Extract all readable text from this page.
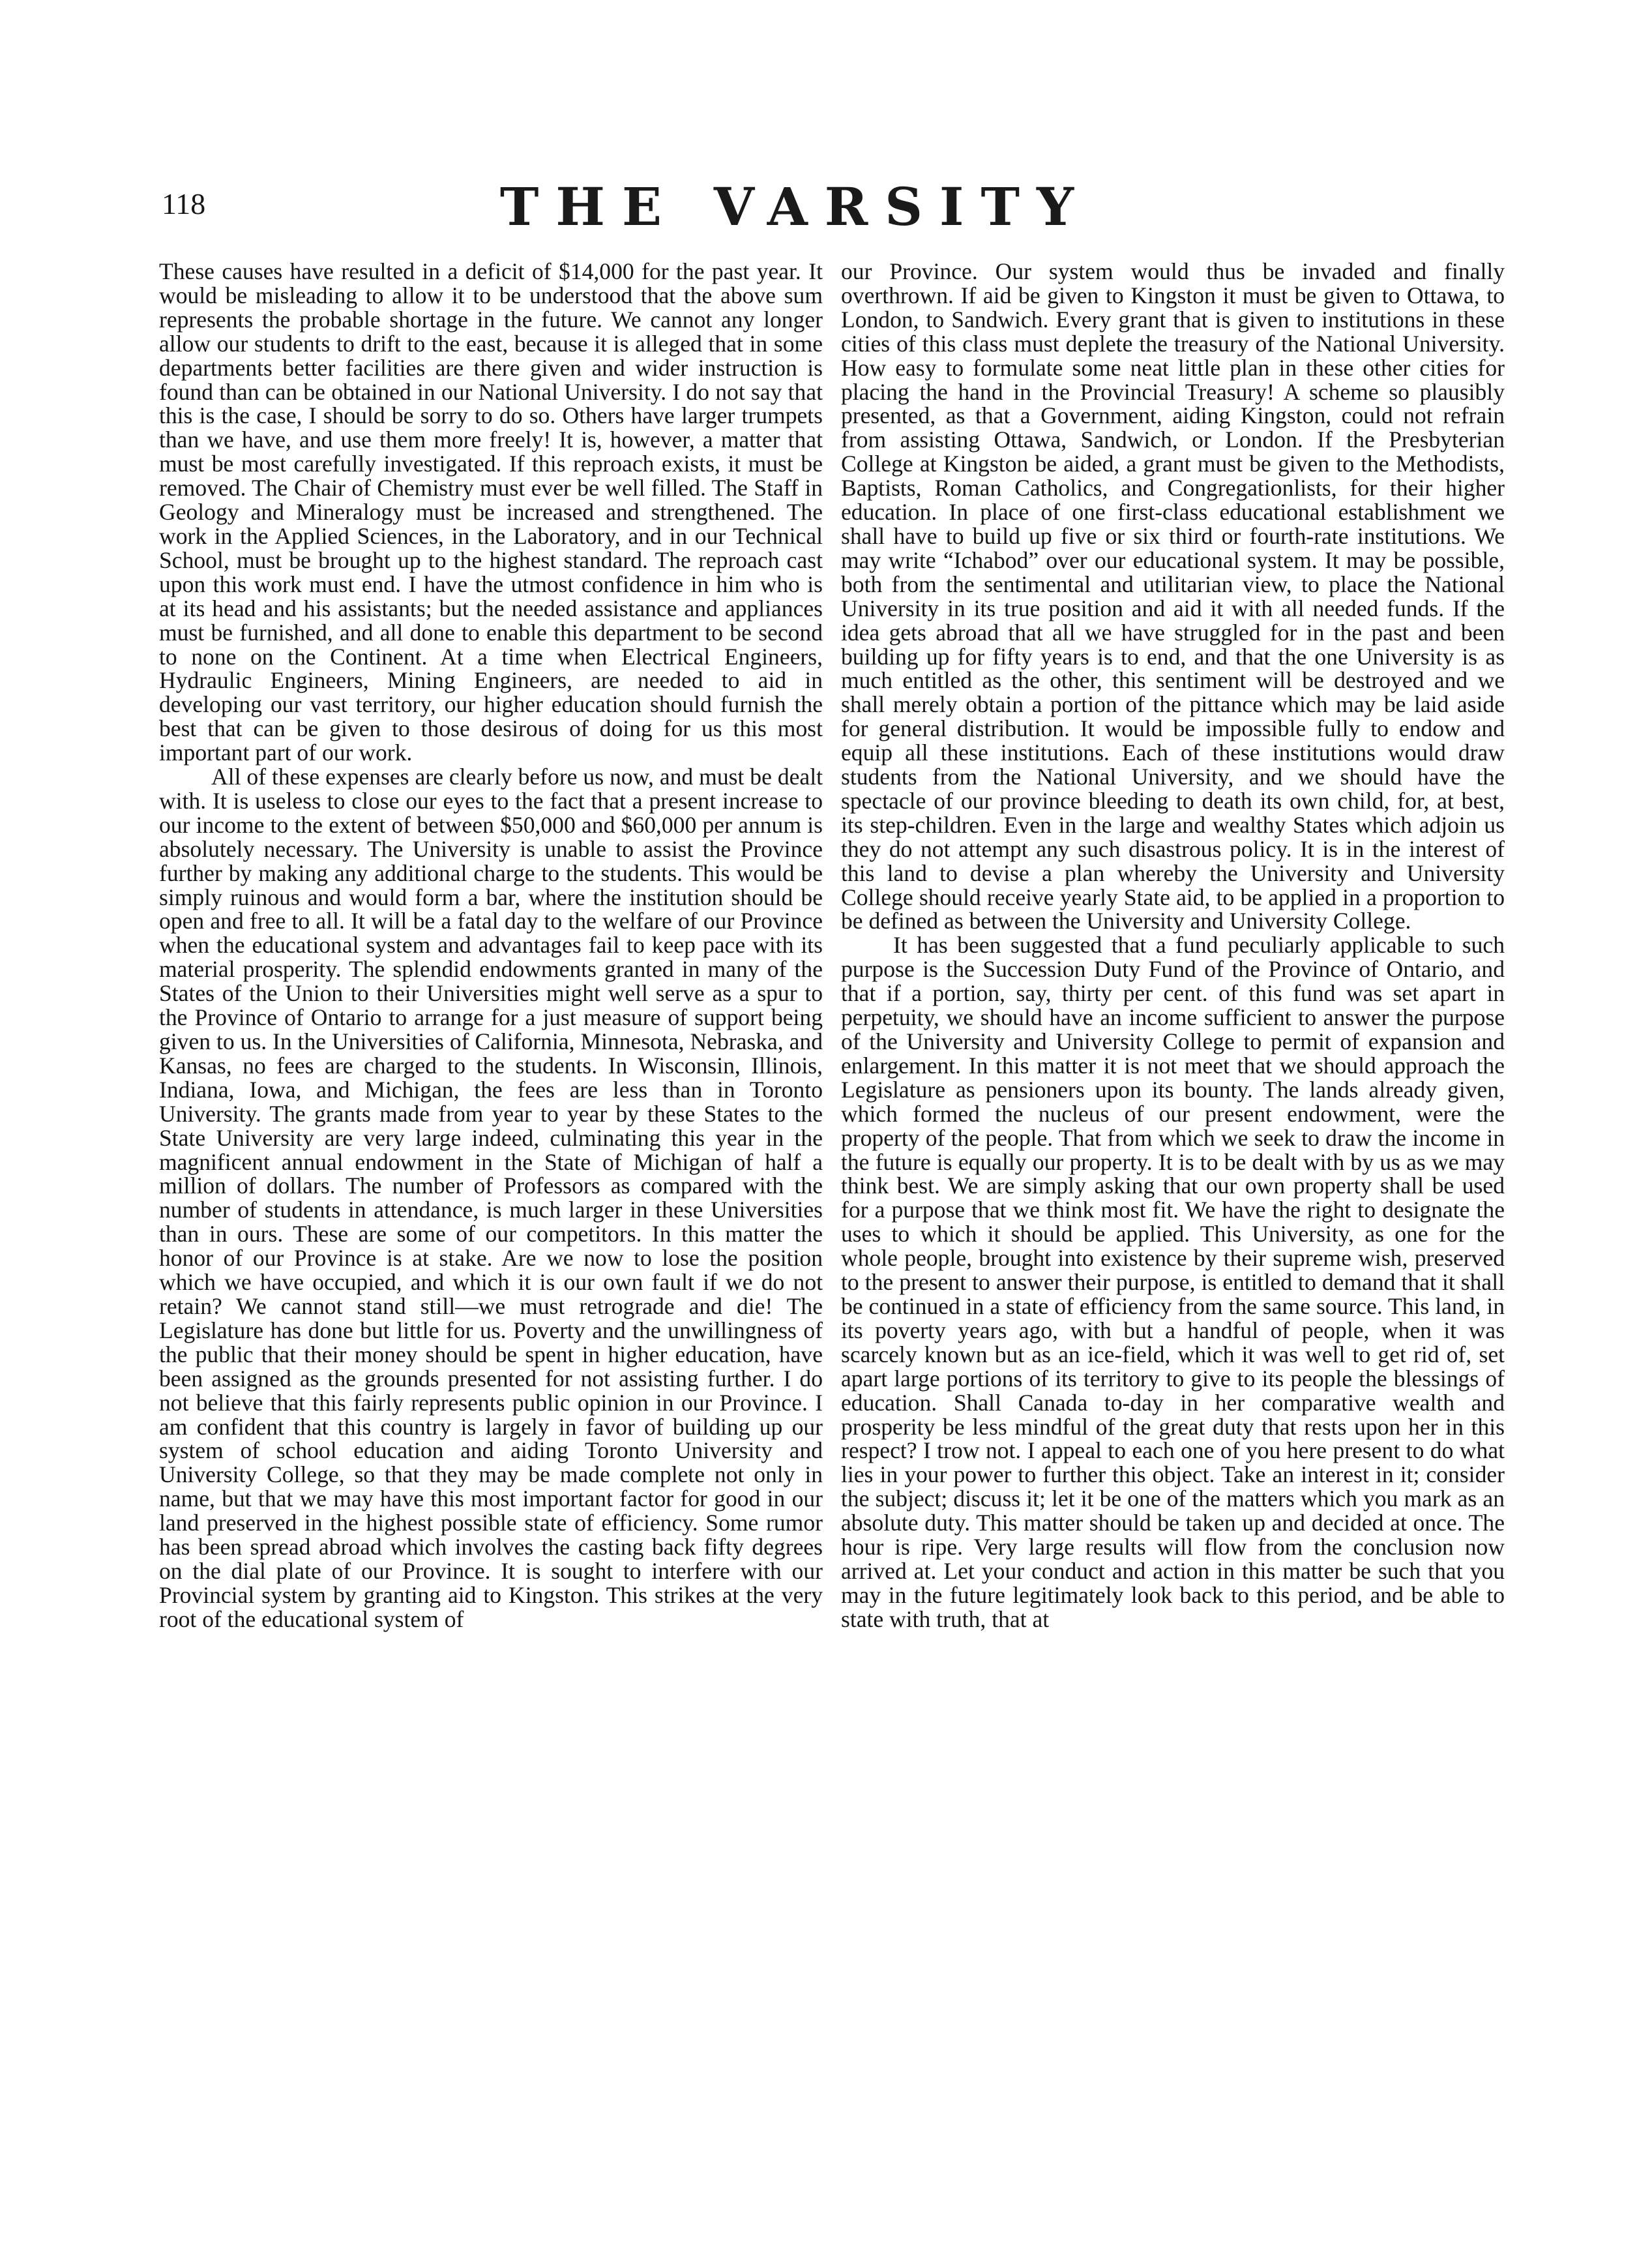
118	THE VARSITY

These causes have resulted in a deficit of $14,000 for the past year. It would be misleading to allow it to be understood that the above sum represents the probable shortage in the future. We cannot any longer allow our students to drift to the east, because it is alleged that in some departments better facilities are there given and wider instruction is found than can be obtained in our National University. I do not say that this is the case, I should be sorry to do so. Others have larger trumpets than we have, and use them more freely! It is, however, a matter that must be most carefully investigated. If this reproach exists, it must be removed. The Chair of Chemistry must ever be well filled. The Staff in Geology and Mineralogy must be increased and strengthened. The work in the Applied Sciences, in the Laboratory, and in our Technical School, must be brought up to the highest standard. The reproach cast upon this work must end. I have the utmost confidence in him who is at its head and his assistants; but the needed assistance and appliances must be furnished, and all done to enable this department to be second to none on the Continent. At a time when Electrical Engineers, Hydraulic Engineers, Mining Engineers, are needed to aid in developing our vast territory, our higher education should furnish the best that can be given to those desirous of doing for us this most important part of our work.

All of these expenses are clearly before us now, and must be dealt with. It is useless to close our eyes to the fact that a present increase to our income to the extent of between $50,000 and $60,000 per annum is absolutely necessary. The University is unable to assist the Province further by making any additional charge to the students. This would be simply ruinous and would form a bar, where the institution should be open and free to all. It will be a fatal day to the welfare of our Province when the educational system and advantages fail to keep pace with its material prosperity. The splendid endowments granted in many of the States of the Union to their Universities might well serve as a spur to the Province of Ontario to arrange for a just measure of support being given to us. In the Universities of California, Minnesota, Nebraska, and Kansas, no fees are charged to the students. In Wisconsin, Illinois, Indiana, Iowa, and Michigan, the fees are less than in Toronto University. The grants made from year to year by these States to the State University are very large indeed, culminating this year in the magnificent annual endowment in the State of Michigan of half a million of dollars. The number of Professors as compared with the number of students in attendance, is much larger in these Universities than in ours. These are some of our competitors. In this matter the honor of our Province is at stake. Are we now to lose the position which we have occupied, and which it is our own fault if we do not retain? We cannot stand still—we must retrograde and die! The Legislature has done but little for us. Poverty and the unwillingness of the public that their money should be spent in higher education, have been assigned as the grounds presented for not assisting further. I do not believe that this fairly represents public opinion in our Province. I am confident that this country is largely in favor of building up our system of school education and aiding Toronto University and University College, so that they may be made complete not only in name, but that we may have this most important factor for good in our land preserved in the highest possible state of efficiency. Some rumor has been spread abroad which involves the casting back fifty degrees on the dial plate of our Province. It is sought to interfere with our Provincial system by granting aid to Kingston. This strikes at the very root of the educational system of

our Province. Our system would thus be invaded and finally overthrown. If aid be given to Kingston it must be given to Ottawa, to London, to Sandwich. Every grant that is given to institutions in these cities of this class must deplete the treasury of the National University. How easy to formulate some neat little plan in these other cities for placing the hand in the Provincial Treasury! A scheme so plausibly presented, as that a Government, aiding Kingston, could not refrain from assisting Ottawa, Sandwich, or London. If the Presbyterian College at Kingston be aided, a grant must be given to the Methodists, Baptists, Roman Catholics, and Congregationlists, for their higher education. In place of one first-class educational establishment we shall have to build up five or six third or fourth-rate institutions. We may write “Ichabod” over our educational system. It may be possible, both from the sentimental and utilitarian view, to place the National University in its true position and aid it with all needed funds. If the idea gets abroad that all we have struggled for in the past and been building up for fifty years is to end, and that the one University is as much entitled as the other, this sentiment will be destroyed and we shall merely obtain a portion of the pittance which may be laid aside for general distribution. It would be impossible fully to endow and equip all these institutions. Each of these institutions would draw students from the National University, and we should have the spectacle of our province bleeding to death its own child, for, at best, its step-children. Even in the large and wealthy States which adjoin us they do not attempt any such disastrous policy. It is in the interest of this land to devise a plan whereby the University and University College should receive yearly State aid, to be applied in a proportion to be defined as between the University and University College.

It has been suggested that a fund peculiarly applicable to such purpose is the Succession Duty Fund of the Province of Ontario, and that if a portion, say, thirty per cent. of this fund was set apart in perpetuity, we should have an income sufficient to answer the purpose of the University and University College to permit of expansion and enlargement. In this matter it is not meet that we should approach the Legislature as pensioners upon its bounty. The lands already given, which formed the nucleus of our present endowment, were the property of the people. That from which we seek to draw the income in the future is equally our property. It is to be dealt with by us as we may think best. We are simply asking that our own property shall be used for a purpose that we think most fit. We have the right to designate the uses to which it should be applied. This University, as one for the whole people, brought into existence by their supreme wish, preserved to the present to answer their purpose, is entitled to demand that it shall be continued in a state of efficiency from the same source. This land, in its poverty years ago, with but a handful of people, when it was scarcely known but as an ice-field, which it was well to get rid of, set apart large portions of its territory to give to its people the blessings of education. Shall Canada to-day in her comparative wealth and prosperity be less mindful of the great duty that rests upon her in this respect? I trow not. I appeal to each one of you here present to do what lies in your power to further this object. Take an interest in it; consider the subject; discuss it; let it be one of the matters which you mark as an absolute duty. This matter should be taken up and decided at once. The hour is ripe. Very large results will flow from the conclusion now arrived at. Let your conduct and action in this matter be such that you may in the future legitimately look back to this period, and be able to state with truth, that at
